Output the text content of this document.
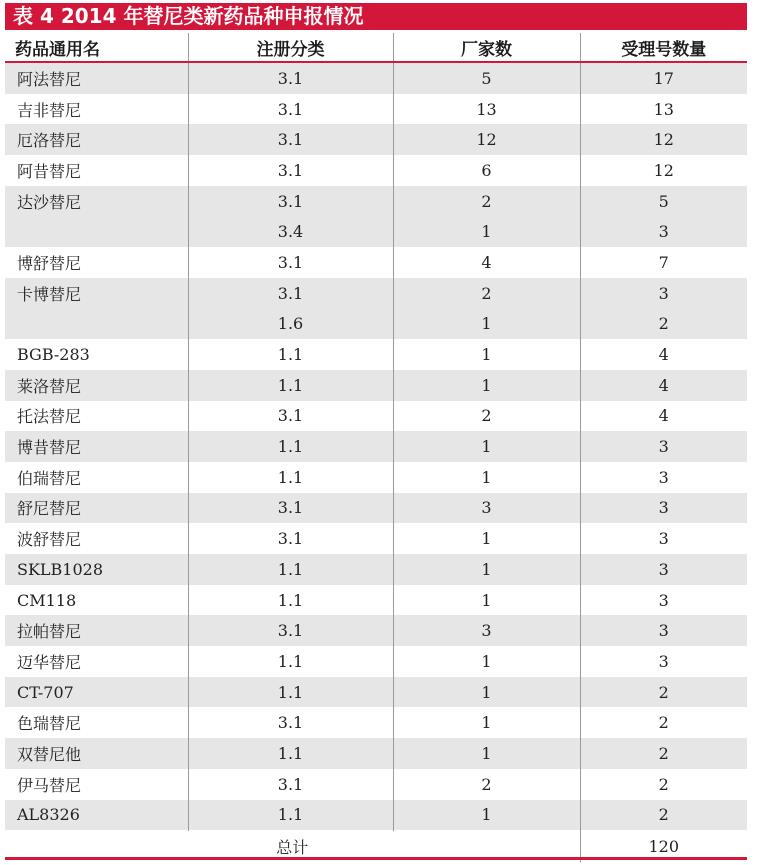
表 4 2014 年替尼类新药品种申报情况
药品通用名	注册分类	厂家数	受理号数量
阿法替尼	3.1	5	17
吉非替尼	3.1	13	13
厄洛替尼	3.1	12	12
阿昔替尼	3.1	6	12
达沙替尼	3.1	2	5
	3.4	1	3
博舒替尼	3.1	4	7
卡博替尼	3.1	2	3
	1.6	1	2
BGB-283	1.1	1	4
莱洛替尼	1.1	1	4
托法替尼	3.1	2	4
博昔替尼	1.1	1	3
伯瑞替尼	1.1	1	3
舒尼替尼	3.1	3	3
波舒替尼	3.1	1	3
SKLB1028	1.1	1	3
CM118	1.1	1	3
拉帕替尼	3.1	3	3
迈华替尼	1.1	1	3
CT-707	1.1	1	2
色瑞替尼	3.1	1	2
双替尼他	1.1	1	2
伊马替尼	3.1	2	2
AL8326	1.1	1	2
总计			120
